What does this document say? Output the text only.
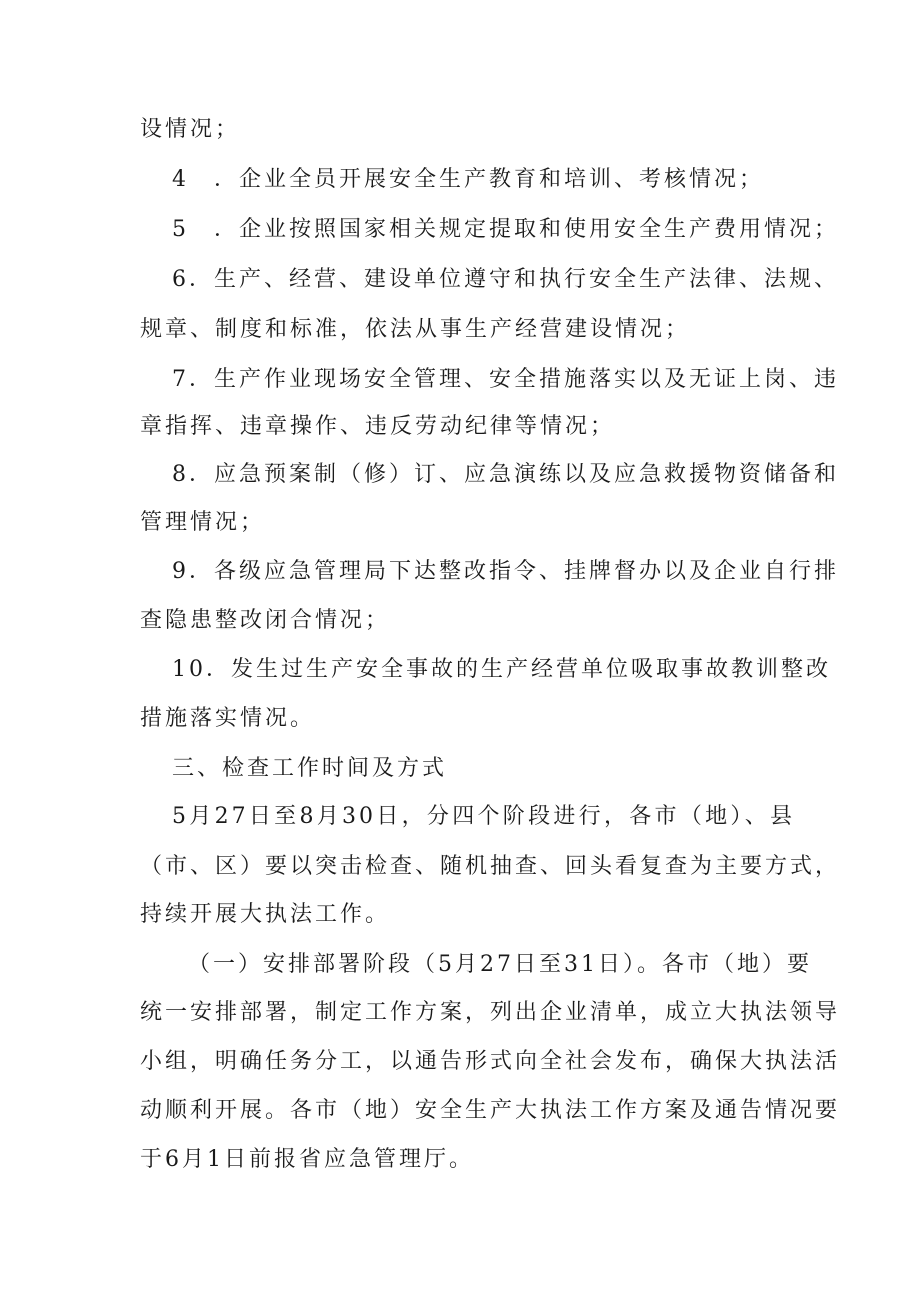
设情况；
4　．企业全员开展安全生产教育和培训、考核情况；
5　．企业按照国家相关规定提取和使用安全生产费用情况；
6．生产、经营、建设单位遵守和执行安全生产法律、法规、
规章、制度和标准，依法从事生产经营建设情况；
7．生产作业现场安全管理、安全措施落实以及无证上岗、违
章指挥、违章操作、违反劳动纪律等情况；
8．应急预案制（修）订、应急演练以及应急救援物资储备和
管理情况；
9．各级应急管理局下达整改指令、挂牌督办以及企业自行排
查隐患整改闭合情况；
10．发生过生产安全事故的生产经营单位吸取事故教训整改
措施落实情况。
三、检查工作时间及方式
5月27日至8月30日，分四个阶段进行，各市（地）、县
（市、区）要以突击检查、随机抽查、回头看复查为主要方式，
持续开展大执法工作。
（一）安排部署阶段（5月27日至31日）。各市（地）要
统一安排部署，制定工作方案，列出企业清单，成立大执法领导
小组，明确任务分工，以通告形式向全社会发布，确保大执法活
动顺利开展。各市（地）安全生产大执法工作方案及通告情况要
于6月1日前报省应急管理厅。
